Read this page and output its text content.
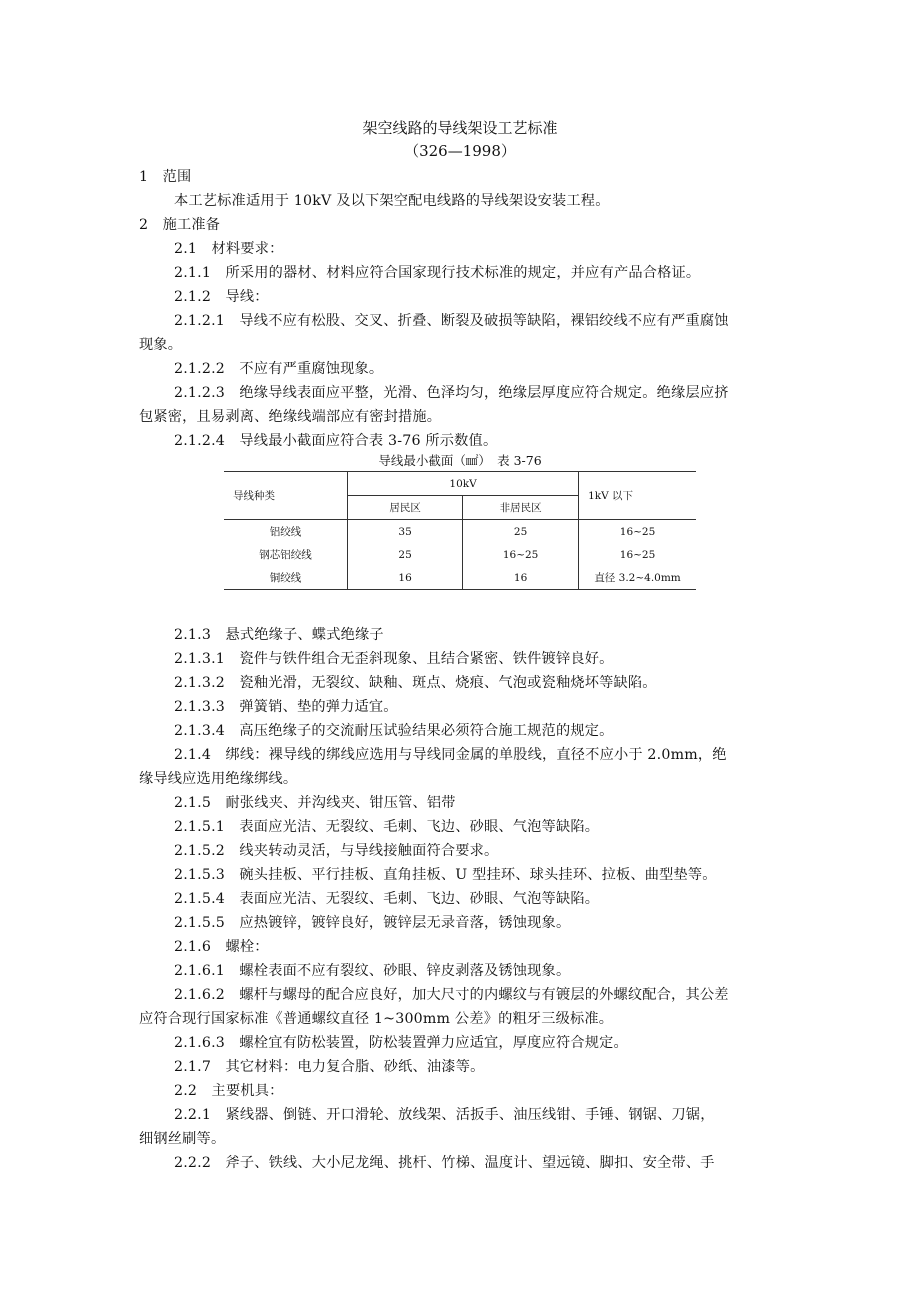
架空线路的导线架设工艺标准
（326—1998）
1　范围
本工艺标准适用于 10kV 及以下架空配电线路的导线架设安装工程。
2　施工准备
2.1　材料要求：
2.1.1　所采用的器材、材料应符合国家现行技术标准的规定，并应有产品合格证。
2.1.2　导线：
2.1.2.1　导线不应有松股、交叉、折叠、断裂及破损等缺陷，裸铝绞线不应有严重腐蚀
现象。
2.1.2.2　不应有严重腐蚀现象。
2.1.2.3　绝缘导线表面应平整，光滑、色泽均匀，绝缘层厚度应符合规定。绝缘层应挤
包紧密，且易剥离、绝缘线端部应有密封措施。
2.1.2.4　导线最小截面应符合表 3-76 所示数值。
导线最小截面（㎟）　表 3-76
导线种类	10kV		1kV 以下
	居民区	非居民区	
铝绞线	35	25	16~25
钢芯铝绞线	25	16~25	16~25
铜绞线	16	16	直径 3.2~4.0mm
2.1.3　悬式绝缘子、蝶式绝缘子
2.1.3.1　瓷件与铁件组合无歪斜现象、且结合紧密、铁件镀锌良好。
2.1.3.2　瓷釉光滑，无裂纹、缺釉、斑点、烧痕、气泡或瓷釉烧坏等缺陷。
2.1.3.3　弹簧销、垫的弹力适宜。
2.1.3.4　高压绝缘子的交流耐压试验结果必须符合施工规范的规定。
2.1.4　绑线：裸导线的绑线应选用与导线同金属的单股线，直径不应小于 2.0mm，绝
缘导线应选用绝缘绑线。
2.1.5　耐张线夹、并沟线夹、钳压管、铝带
2.1.5.1　表面应光洁、无裂纹、毛刺、飞边、砂眼、气泡等缺陷。
2.1.5.2　线夹转动灵活，与导线接触面符合要求。
2.1.5.3　碗头挂板、平行挂板、直角挂板、U 型挂环、球头挂环、拉板、曲型垫等。
2.1.5.4　表面应光洁、无裂纹、毛刺、飞边、砂眼、气泡等缺陷。
2.1.5.5　应热镀锌，镀锌良好，镀锌层无录音落，锈蚀现象。
2.1.6　螺栓：
2.1.6.1　螺栓表面不应有裂纹、砂眼、锌皮剥落及锈蚀现象。
2.1.6.2　螺杆与螺母的配合应良好，加大尺寸的内螺纹与有镀层的外螺纹配合，其公差
应符合现行国家标准《普通螺纹直径 1~300mm 公差》的粗牙三级标准。
2.1.6.3　螺栓宜有防松装置，防松装置弹力应适宜，厚度应符合规定。
2.1.7　其它材料：电力复合脂、砂纸、油漆等。
2.2　主要机具：
2.2.1　紧线器、倒链、开口滑轮、放线架、活扳手、油压线钳、手锤、钢锯、刀锯，
细钢丝刷等。
2.2.2　斧子、铁线、大小尼龙绳、挑杆、竹梯、温度计、望远镜、脚扣、安全带、手
